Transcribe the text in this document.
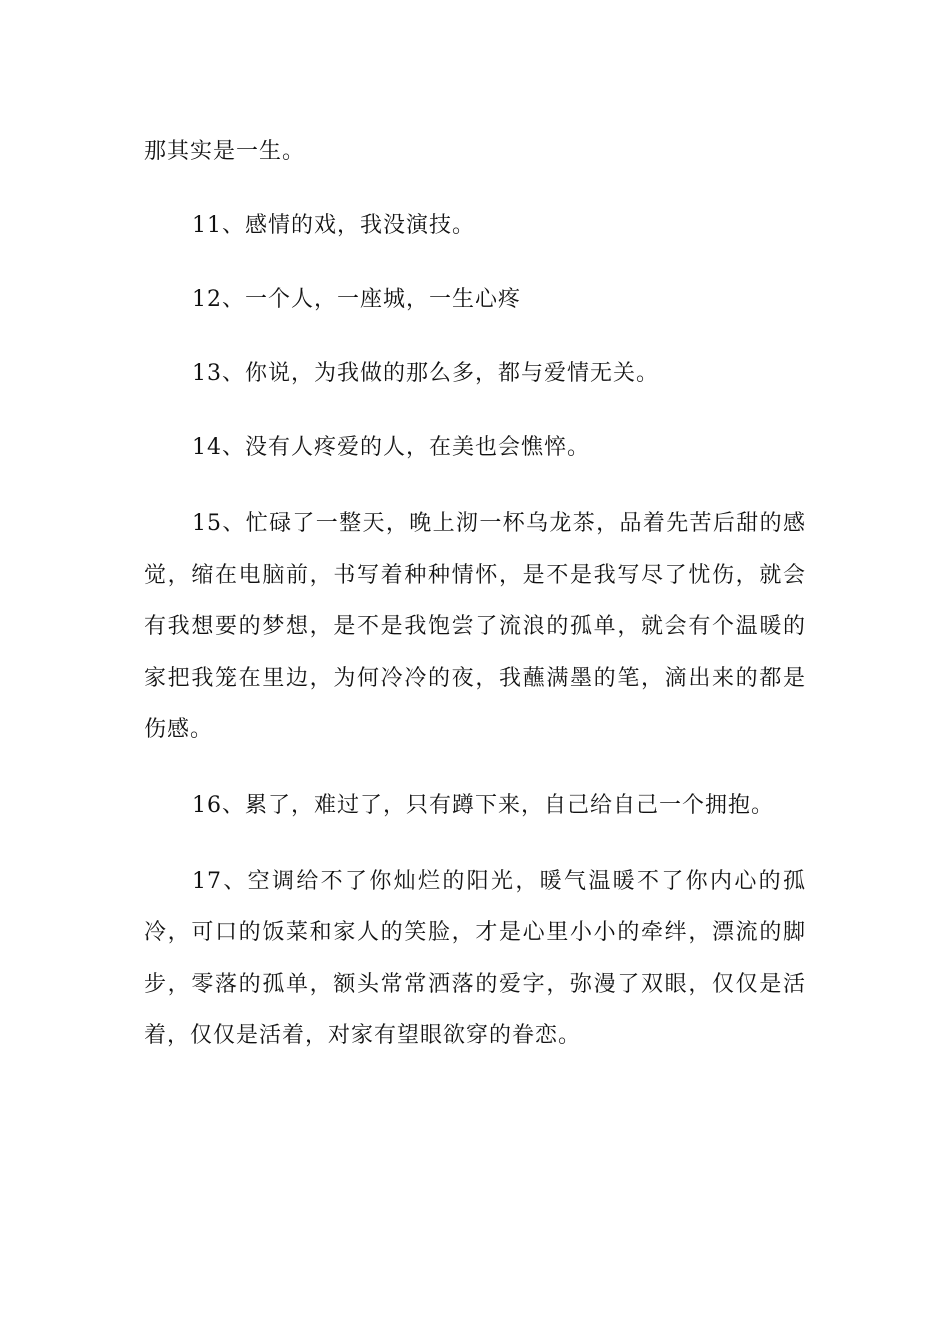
那其实是一生。

11、感情的戏，我没演技。

12、一个人，一座城，一生心疼

13、你说，为我做的那么多，都与爱情无关。

14、没有人疼爱的人，在美也会憔悴。

15、忙碌了一整天，晚上沏一杯乌龙茶，品着先苦后甜的感觉，缩在电脑前，书写着种种情怀，是不是我写尽了忧伤，就会有我想要的梦想，是不是我饱尝了流浪的孤单，就会有个温暖的家把我笼在里边，为何冷冷的夜，我蘸满墨的笔，滴出来的都是伤感。

16、累了，难过了，只有蹲下来，自己给自己一个拥抱。

17、空调给不了你灿烂的阳光，暖气温暖不了你内心的孤冷，可口的饭菜和家人的笑脸，才是心里小小的牵绊，漂流的脚步，零落的孤单，额头常常洒落的爱字，弥漫了双眼，仅仅是活着，仅仅是活着，对家有望眼欲穿的眷恋。
